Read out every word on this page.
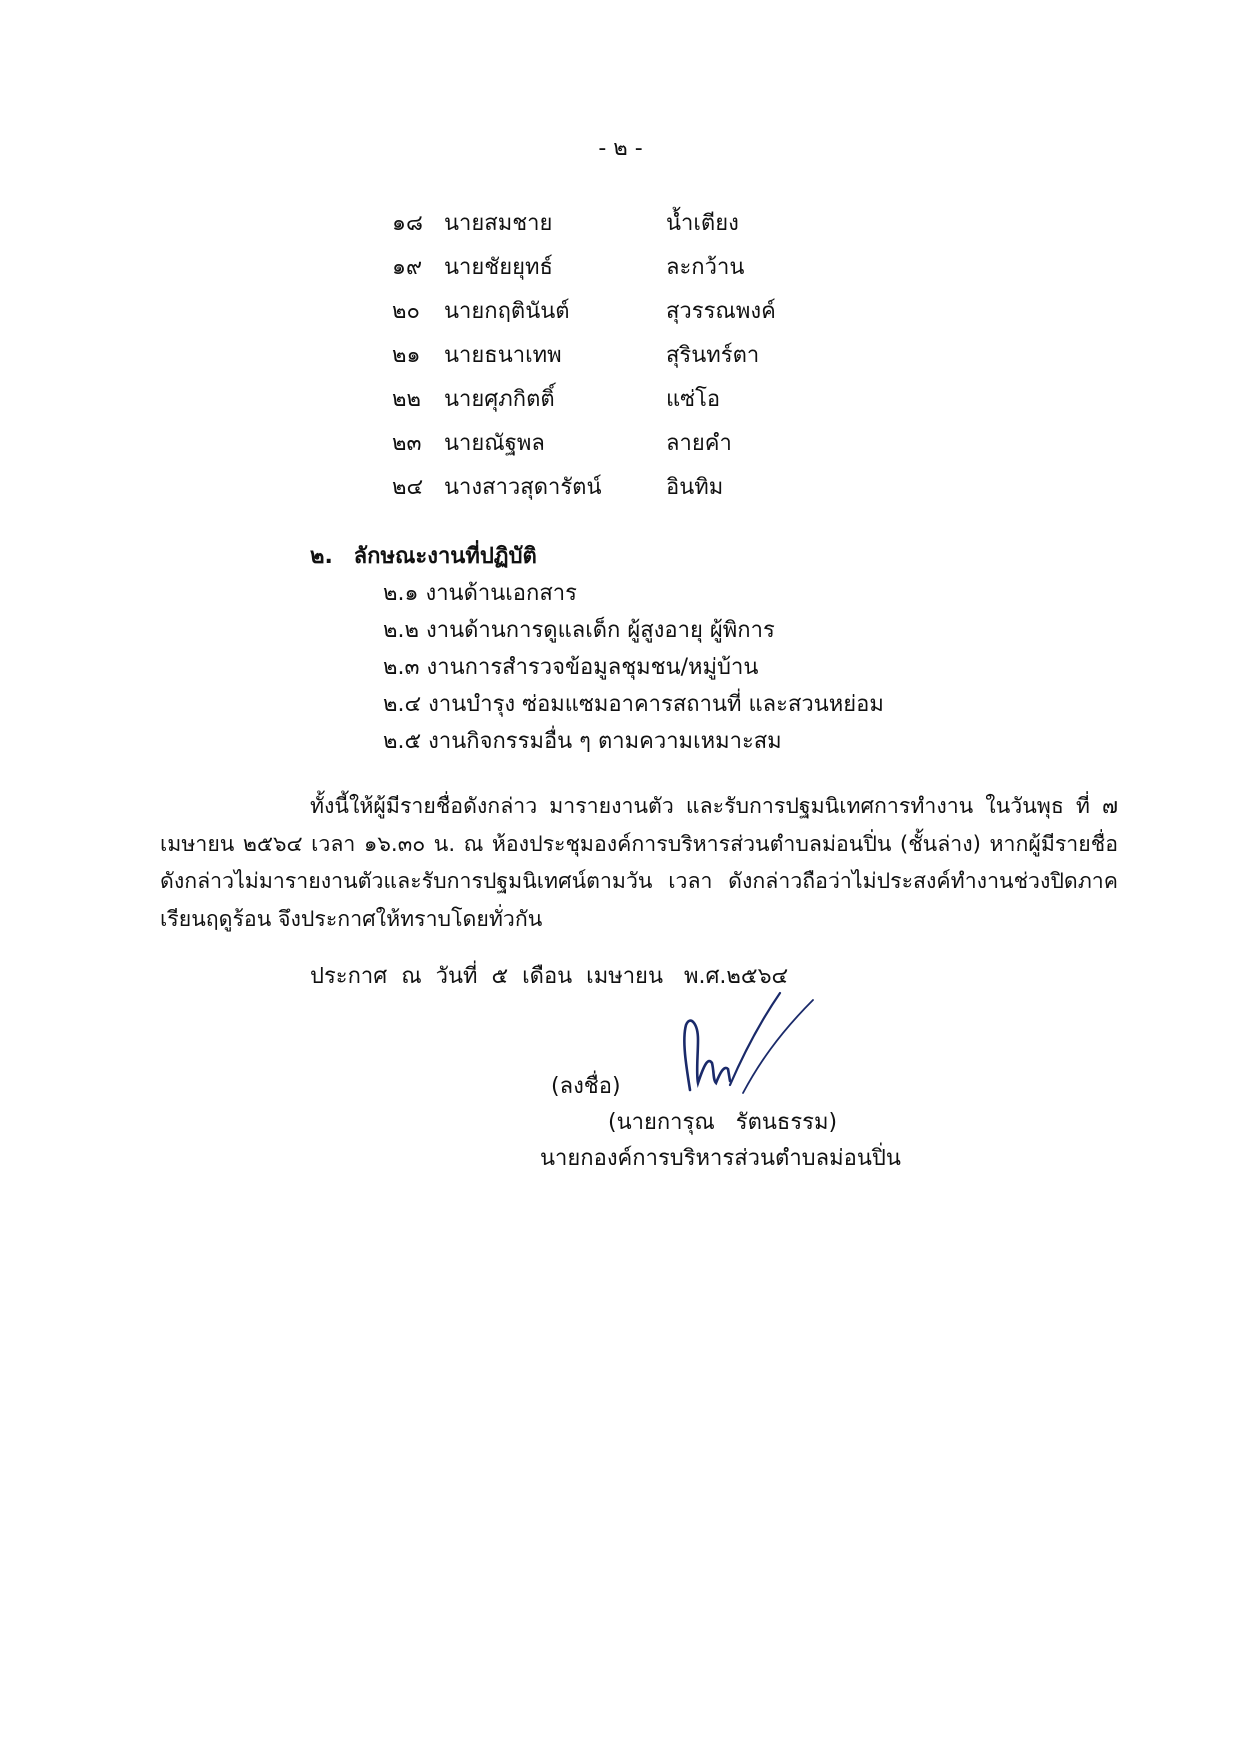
- ๒ -
๑๘ นายสมชาย	น้ำเตียง
๑๙ นายชัยยุทธ์	ละกว้าน
๒๐	นายกฤตินันต์	สุวรรณพงค์
๒๑	นายธนาเทพ	สุรินทร์ตา
๒๒	นายศุภกิตติ์	แซ่โอ
๒๓	นายณัฐพล	ลายคำ
๒๔ นางสาวสุดารัตน์	อินทิม
๒. ลักษณะงานที่ปฏิบัติ
๒.๑ งานด้านเอกสาร
๒.๒ งานด้านการดูแลเด็ก ผู้สูงอายุ ผู้พิการ
๒.๓ งานการสำรวจข้อมูลชุมชน/หมู่บ้าน
๒.๔ งานบำรุง ซ่อมแซมอาคารสถานที่ และสวนหย่อม
๒.๕ งานกิจกรรมอื่น ๆ ตามความเหมาะสม
ทั้งนี้ให้ผู้มีรายชื่อดังกล่าว มารายงานตัว และรับการปฐมนิเทศการทำงาน ในวันพุธ ที่ ๗ เมษายน ๒๕๖๔ เวลา ๑๖.๓๐ น. ณ ห้องประชุมองค์การบริหารส่วนตำบลม่อนปิ่น (ชั้นล่าง) หากผู้มีรายชื่อดังกล่าวไม่มารายงานตัวและรับการปฐมนิเทศน์ตามวัน เวลา ดังกล่าวถือว่าไม่ประสงค์ทำงานช่วงปิดภาคเรียนฤดูร้อน จึงประกาศให้ทราบโดยทั่วกัน
ประกาศ  ณ  วันที่  ๕  เดือน  เมษายน   พ.ศ.๒๕๖๔
(ลงชื่อ)
(นายการุณ   รัตนธรรม)
นายกองค์การบริหารส่วนตำบลม่อนปิ่น
